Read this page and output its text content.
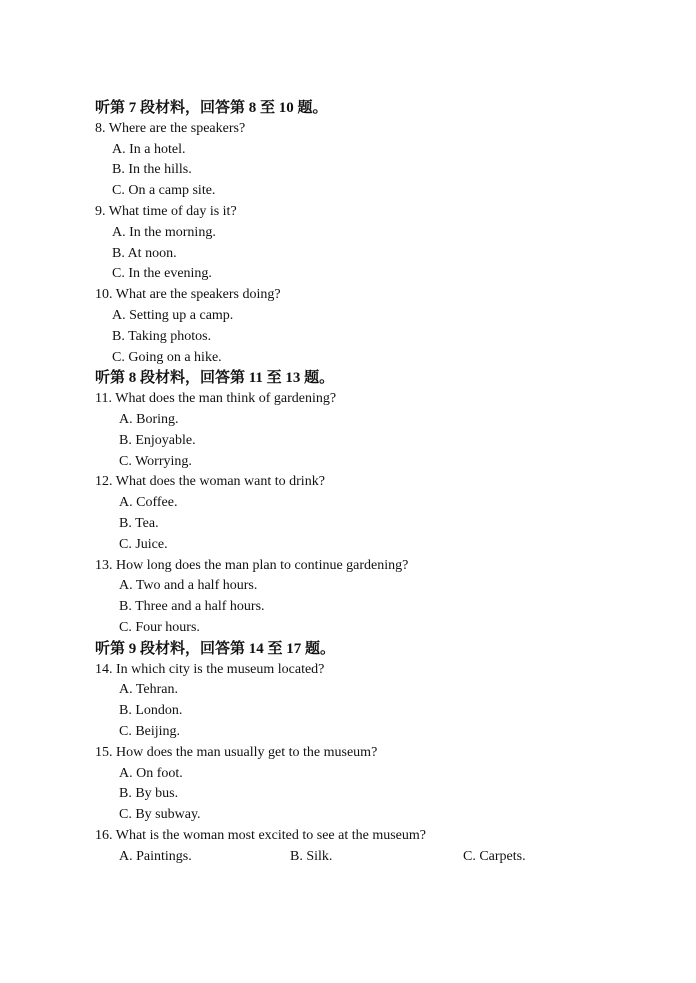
听第 7 段材料，回答第 8 至 10 题。
8. Where are the speakers?
A. In a hotel.
B. In the hills.
C. On a camp site.
9. What time of day is it?
A. In the morning.
B. At noon.
C. In the evening.
10. What are the speakers doing?
A. Setting up a camp.
B. Taking photos.
C. Going on a hike.
听第 8 段材料，回答第 11 至 13 题。
11. What does the man think of gardening?
A. Boring.
B. Enjoyable.
C. Worrying.
12. What does the woman want to drink?
A. Coffee.
B. Tea.
C. Juice.
13. How long does the man plan to continue gardening?
A. Two and a half hours.
B. Three and a half hours.
C. Four hours.
听第 9 段材料，回答第 14 至 17 题。
14. In which city is the museum located?
A. Tehran.
B. London.
C. Beijing.
15. How does the man usually get to the museum?
A. On foot.
B. By bus.
C. By subway.
16. What is the woman most excited to see at the museum?
A. Paintings.	B. Silk.	C. Carpets.
